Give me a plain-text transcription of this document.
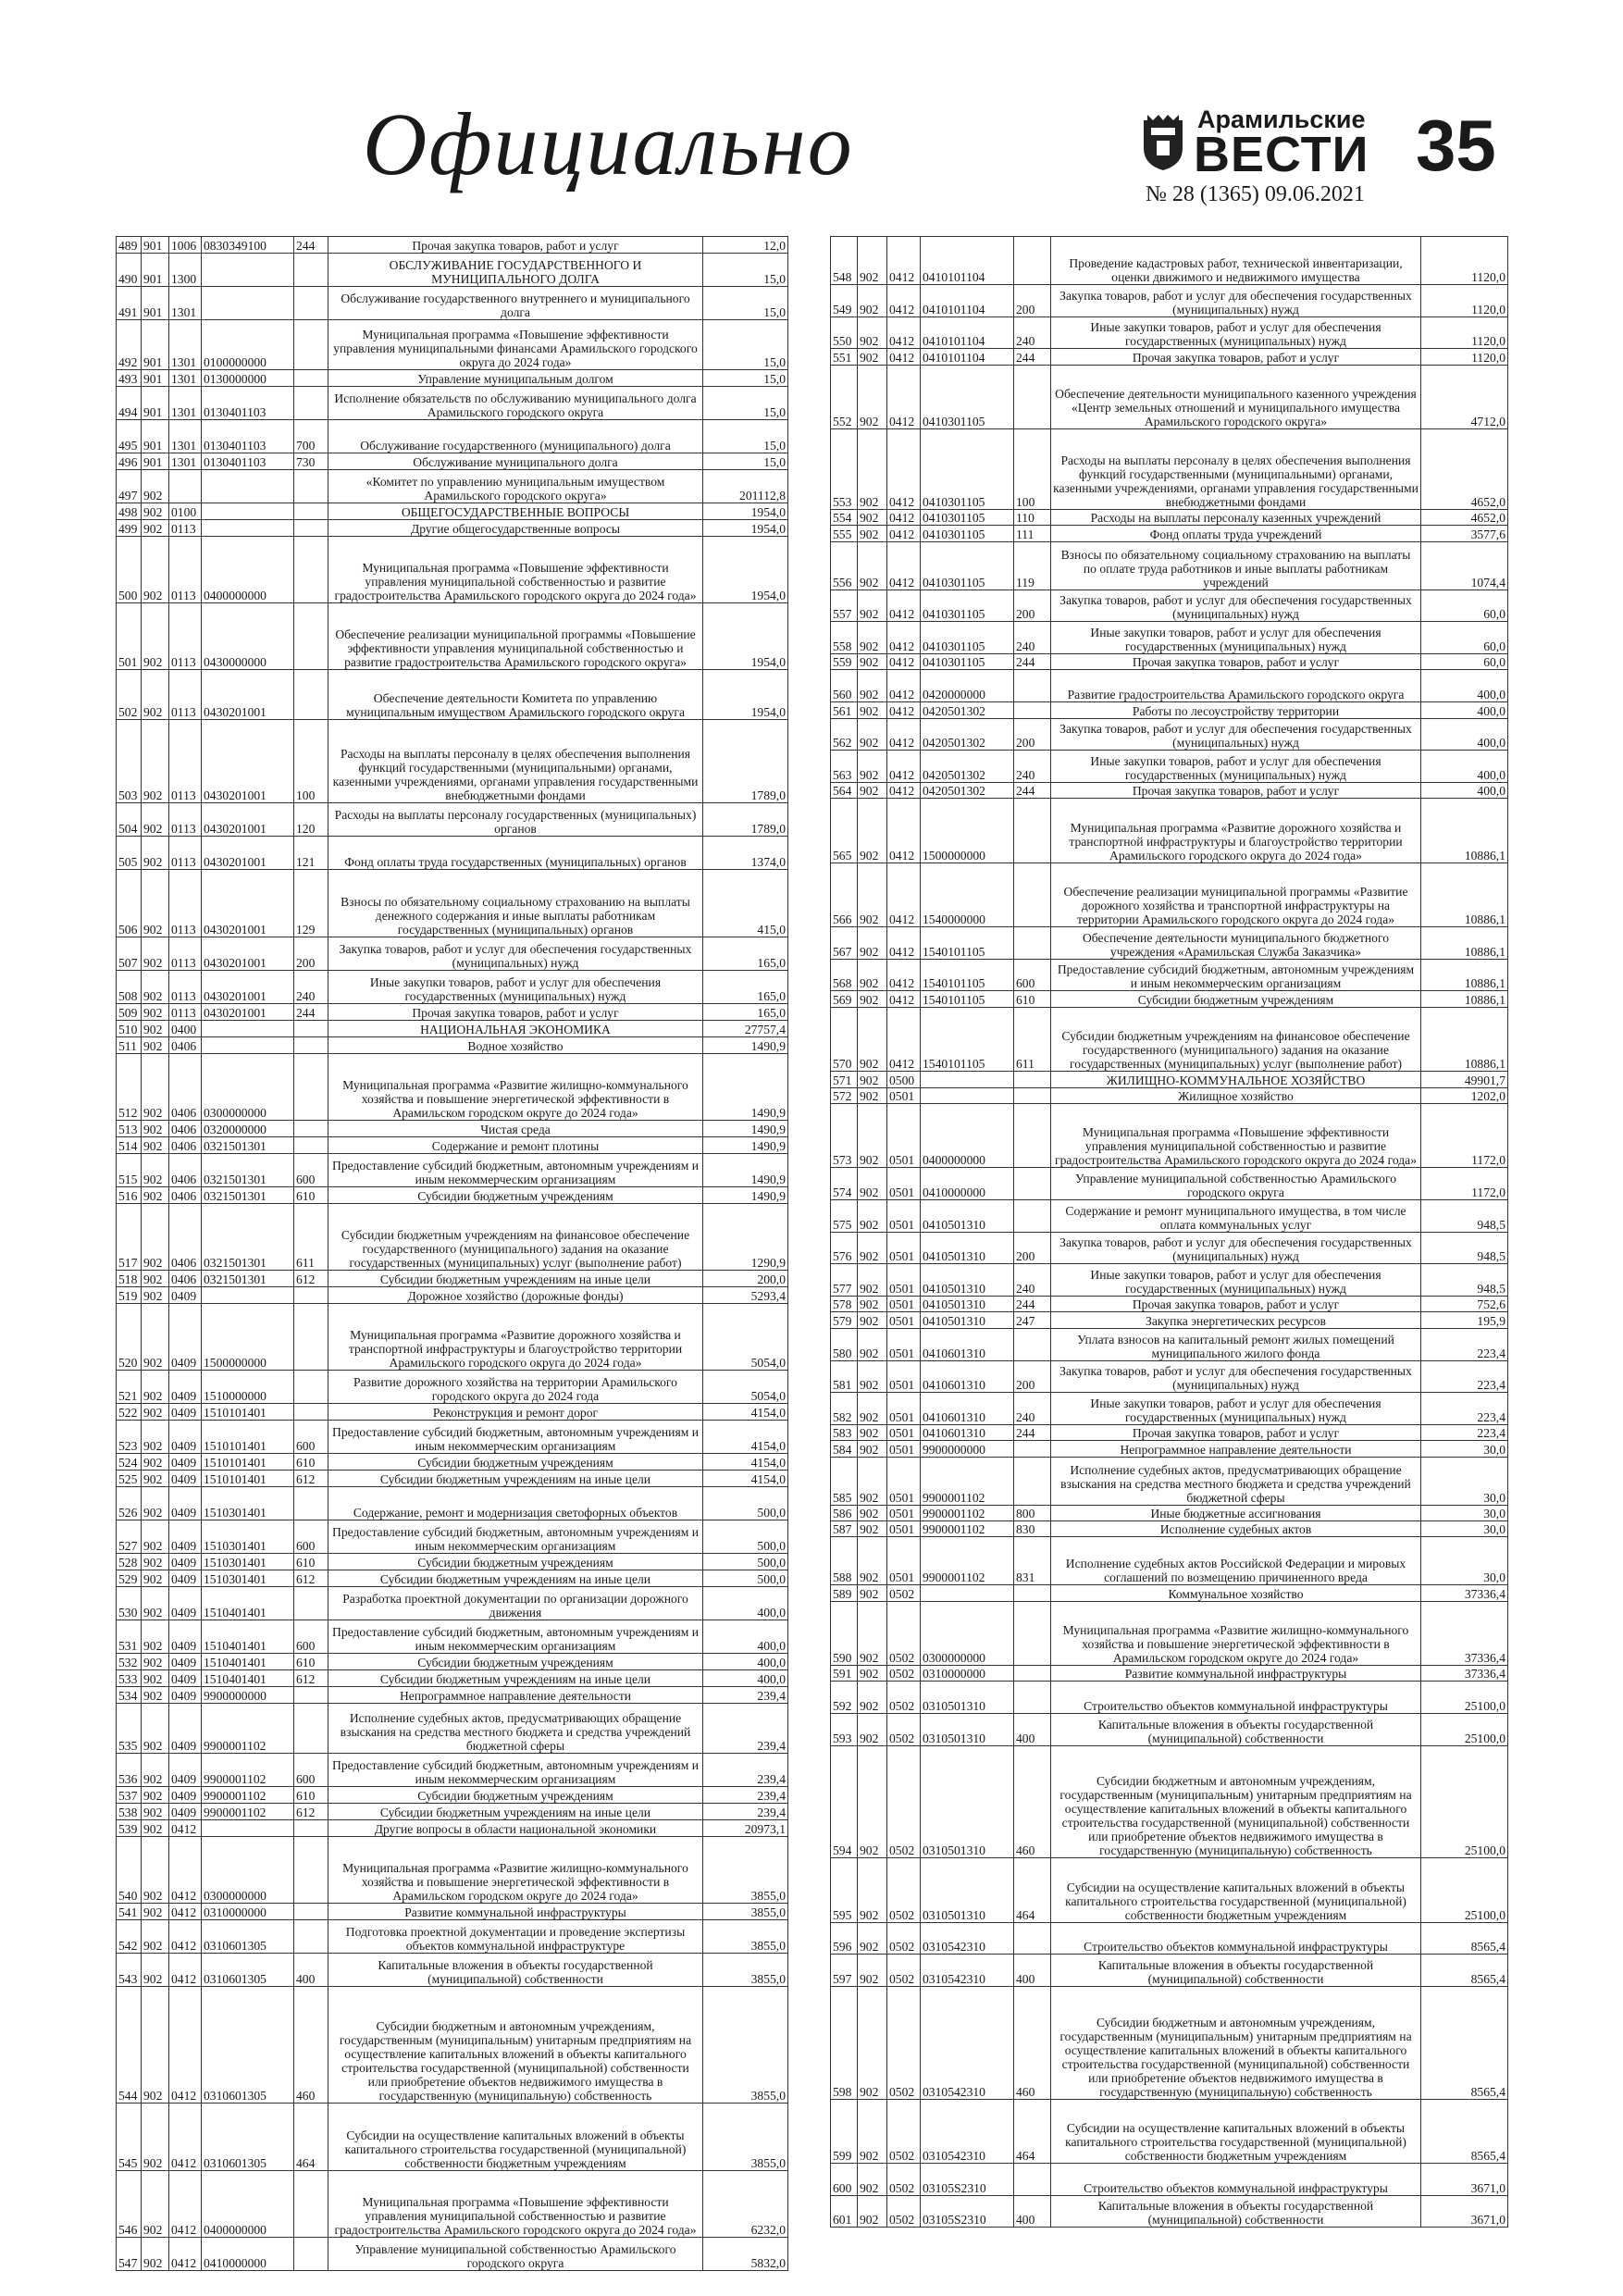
Официально	Арамильские
ВЕСТИ 35
№ 28 (1365) 09.06.2021
489	901	1006	0830349100	244	Прочая закупка товаров, работ и услуг	12,0
490	901	1300			ОБСЛУЖИВАНИЕ ГОСУДАРСТВЕННОГО И МУНИЦИПАЛЬНОГО ДОЛГА	15,0
491	901	1301			Обслуживание государственного внутреннего и муниципального долга	15,0
492	901	1301	0100000000		Муниципальная программа «Повышение эффективности управления муниципальными финансами Арамильского городского округа до 2024 года»	15,0
493	901	1301	0130000000		Управление муниципальным долгом	15,0
494	901	1301	0130401103		Исполнение обязательств по обслуживанию муниципального долга Арамильского городского округа	15,0
495	901	1301	0130401103	700	Обслуживание государственного (муниципального) долга	15,0
496	901	1301	0130401103	730	Обслуживание муниципального долга	15,0
497	902				«Комитет по управлению муниципальным имуществом Арамильского городского округа»	201112,8
498	902	0100			ОБЩЕГОСУДАРСТВЕННЫЕ ВОПРОСЫ	1954,0
499	902	0113			Другие общегосударственные вопросы	1954,0
500	902	0113	0400000000		Муниципальная программа «Повышение эффективности управления муниципальной собственностью и развитие градостроительства Арамильского городского округа до 2024 года»	1954,0
501	902	0113	0430000000		Обеспечение реализации муниципальной программы «Повышение эффективности управления муниципальной собственностью и развитие градостроительства Арамильского городского округа»	1954,0
502	902	0113	0430201001		Обеспечение деятельности Комитета по управлению муниципальным имуществом Арамильского городского округа	1954,0
503	902	0113	0430201001	100	Расходы на выплаты персоналу в целях обеспечения выполнения функций государственными (муниципальными) органами, казенными учреждениями, органами управления государственными внебюджетными фондами	1789,0
504	902	0113	0430201001	120	Расходы на выплаты персоналу государственных (муниципальных) органов	1789,0
505	902	0113	0430201001	121	Фонд оплаты труда государственных (муниципальных) органов	1374,0
506	902	0113	0430201001	129	Взносы по обязательному социальному страхованию на выплаты денежного содержания и иные выплаты работникам государственных (муниципальных) органов	415,0
507	902	0113	0430201001	200	Закупка товаров, работ и услуг для обеспечения государственных (муниципальных) нужд	165,0
508	902	0113	0430201001	240	Иные закупки товаров, работ и услуг для обеспечения государственных (муниципальных) нужд	165,0
509	902	0113	0430201001	244	Прочая закупка товаров, работ и услуг	165,0
510	902	0400			НАЦИОНАЛЬНАЯ ЭКОНОМИКА	27757,4
511	902	0406			Водное хозяйство	1490,9
512	902	0406	0300000000		Муниципальная программа «Развитие жилищно-коммунального хозяйства и повышение энергетической эффективности в Арамильском городском округе до 2024 года»	1490,9
513	902	0406	0320000000		Чистая среда	1490,9
514	902	0406	0321501301		Содержание и ремонт плотины	1490,9
515	902	0406	0321501301	600	Предоставление субсидий бюджетным, автономным учреждениям и иным некоммерческим организациям	1490,9
516	902	0406	0321501301	610	Субсидии бюджетным учреждениям	1490,9
517	902	0406	0321501301	611	Субсидии бюджетным учреждениям на финансовое обеспечение государственного (муниципального) задания на оказание государственных (муниципальных) услуг (выполнение работ)	1290,9
518	902	0406	0321501301	612	Субсидии бюджетным учреждениям на иные цели	200,0
519	902	0409			Дорожное хозяйство (дорожные фонды)	5293,4
520	902	0409	1500000000		Муниципальная программа «Развитие дорожного хозяйства и транспортной инфраструктуры и благоустройство территории Арамильского городского округа до 2024 года»	5054,0
521	902	0409	1510000000		Развитие дорожного хозяйства на территории Арамильского городского округа до 2024 года	5054,0
522	902	0409	1510101401		Реконструкция и ремонт дорог	4154,0
523	902	0409	1510101401	600	Предоставление субсидий бюджетным, автономным учреждениям и иным некоммерческим организациям	4154,0
524	902	0409	1510101401	610	Субсидии бюджетным учреждениям	4154,0
525	902	0409	1510101401	612	Субсидии бюджетным учреждениям на иные цели	4154,0
526	902	0409	1510301401		Содержание, ремонт и модернизация светофорных объектов	500,0
527	902	0409	1510301401	600	Предоставление субсидий бюджетным, автономным учреждениям и иным некоммерческим организациям	500,0
528	902	0409	1510301401	610	Субсидии бюджетным учреждениям	500,0
529	902	0409	1510301401	612	Субсидии бюджетным учреждениям на иные цели	500,0
530	902	0409	1510401401		Разработка проектной документации по организации дорожного движения	400,0
531	902	0409	1510401401	600	Предоставление субсидий бюджетным, автономным учреждениям и иным некоммерческим организациям	400,0
532	902	0409	1510401401	610	Субсидии бюджетным учреждениям	400,0
533	902	0409	1510401401	612	Субсидии бюджетным учреждениям на иные цели	400,0
534	902	0409	9900000000		Непрограммное направление деятельности	239,4
535	902	0409	9900001102		Исполнение судебных актов, предусматривающих обращение взыскания на средства местного бюджета и средства учреждений бюджетной сферы	239,4
536	902	0409	9900001102	600	Предоставление субсидий бюджетным, автономным учреждениям и иным некоммерческим организациям	239,4
537	902	0409	9900001102	610	Субсидии бюджетным учреждениям	239,4
538	902	0409	9900001102	612	Субсидии бюджетным учреждениям на иные цели	239,4
539	902	0412			Другие вопросы в области национальной экономики	20973,1
540	902	0412	0300000000		Муниципальная программа «Развитие жилищно-коммунального хозяйства и повышение энергетической эффективности в Арамильском городском округе до 2024 года»	3855,0
541	902	0412	0310000000		Развитие коммунальной инфраструктуры	3855,0
542	902	0412	0310601305		Подготовка проектной документации и проведение экспертизы объектов коммунальной инфраструктуре	3855,0
543	902	0412	0310601305	400	Капитальные вложения в объекты государственной (муниципальной) собственности	3855,0
544	902	0412	0310601305	460	Субсидии бюджетным и автономным учреждениям, государственным (муниципальным) унитарным предприятиям на осуществление капитальных вложений в объекты капитального строительства государственной (муниципальной) собственности или приобретение объектов недвижимого имущества в государственную (муниципальную) собственность	3855,0
545	902	0412	0310601305	464	Субсидии на осуществление капитальных вложений в объекты капитального строительства государственной (муниципальной) собственности бюджетным учреждениям	3855,0
546	902	0412	0400000000		Муниципальная программа «Повышение эффективности управления муниципальной собственностью и развитие градостроительства Арамильского городского округа до 2024 года»	6232,0
547	902	0412	0410000000		Управление муниципальной собственностью Арамильского городского округа	5832,0
548	902	0412	0410101104		Проведение кадастровых работ, технической инвентаризации, оценки движимого и недвижимого имущества	1120,0
549	902	0412	0410101104	200	Закупка товаров, работ и услуг для обеспечения государственных (муниципальных) нужд	1120,0
550	902	0412	0410101104	240	Иные закупки товаров, работ и услуг для обеспечения государственных (муниципальных) нужд	1120,0
551	902	0412	0410101104	244	Прочая закупка товаров, работ и услуг	1120,0
552	902	0412	0410301105		Обеспечение деятельности муниципального казенного учреждения «Центр земельных отношений и муниципального имущества Арамильского городского округа»	4712,0
553	902	0412	0410301105	100	Расходы на выплаты персоналу в целях обеспечения выполнения функций государственными (муниципальными) органами, казенными учреждениями, органами управления государственными внебюджетными фондами	4652,0
554	902	0412	0410301105	110	Расходы на выплаты персоналу казенных учреждений	4652,0
555	902	0412	0410301105	111	Фонд оплаты труда учреждений	3577,6
556	902	0412	0410301105	119	Взносы по обязательному социальному страхованию на выплаты по оплате труда работников и иные выплаты работникам учреждений	1074,4
557	902	0412	0410301105	200	Закупка товаров, работ и услуг для обеспечения государственных (муниципальных) нужд	60,0
558	902	0412	0410301105	240	Иные закупки товаров, работ и услуг для обеспечения государственных (муниципальных) нужд	60,0
559	902	0412	0410301105	244	Прочая закупка товаров, работ и услуг	60,0
560	902	0412	0420000000		Развитие градостроительства Арамильского городского округа	400,0
561	902	0412	0420501302		Работы по лесоустройству территории	400,0
562	902	0412	0420501302	200	Закупка товаров, работ и услуг для обеспечения государственных (муниципальных) нужд	400,0
563	902	0412	0420501302	240	Иные закупки товаров, работ и услуг для обеспечения государственных (муниципальных) нужд	400,0
564	902	0412	0420501302	244	Прочая закупка товаров, работ и услуг	400,0
565	902	0412	1500000000		Муниципальная программа «Развитие дорожного хозяйства и транспортной инфраструктуры и благоустройство территории Арамильского городского округа до 2024 года»	10886,1
566	902	0412	1540000000		Обеспечение реализации муниципальной программы «Развитие дорожного хозяйства и транспортной инфраструктуры на территории Арамильского городского округа до 2024 года»	10886,1
567	902	0412	1540101105		Обеспечение деятельности муниципального бюджетного учреждения «Арамильская Служба Заказчика»	10886,1
568	902	0412	1540101105	600	Предоставление субсидий бюджетным, автономным учреждениям и иным некоммерческим организациям	10886,1
569	902	0412	1540101105	610	Субсидии бюджетным учреждениям	10886,1
570	902	0412	1540101105	611	Субсидии бюджетным учреждениям на финансовое обеспечение государственного (муниципального) задания на оказание государственных (муниципальных) услуг (выполнение работ)	10886,1
571	902	0500			ЖИЛИЩНО-КОММУНАЛЬНОЕ ХОЗЯЙСТВО	49901,7
572	902	0501			Жилищное хозяйство	1202,0
573	902	0501	0400000000		Муниципальная программа «Повышение эффективности управления муниципальной собственностью и развитие градостроительства Арамильского городского округа до 2024 года»	1172,0
574	902	0501	0410000000		Управление муниципальной собственностью Арамильского городского округа	1172,0
575	902	0501	0410501310		Содержание и ремонт муниципального имущества, в том числе оплата коммунальных услуг	948,5
576	902	0501	0410501310	200	Закупка товаров, работ и услуг для обеспечения государственных (муниципальных) нужд	948,5
577	902	0501	0410501310	240	Иные закупки товаров, работ и услуг для обеспечения государственных (муниципальных) нужд	948,5
578	902	0501	0410501310	244	Прочая закупка товаров, работ и услуг	752,6
579	902	0501	0410501310	247	Закупка энергетических ресурсов	195,9
580	902	0501	0410601310		Уплата взносов на капитальный ремонт жилых помещений муниципального жилого фонда	223,4
581	902	0501	0410601310	200	Закупка товаров, работ и услуг для обеспечения государственных (муниципальных) нужд	223,4
582	902	0501	0410601310	240	Иные закупки товаров, работ и услуг для обеспечения государственных (муниципальных) нужд	223,4
583	902	0501	0410601310	244	Прочая закупка товаров, работ и услуг	223,4
584	902	0501	9900000000		Непрограммное направление деятельности	30,0
585	902	0501	9900001102		Исполнение судебных актов, предусматривающих обращение взыскания на средства местного бюджета и средства учреждений бюджетной сферы	30,0
586	902	0501	9900001102	800	Иные бюджетные ассигнования	30,0
587	902	0501	9900001102	830	Исполнение судебных актов	30,0
588	902	0501	9900001102	831	Исполнение судебных актов Российской Федерации и мировых соглашений по возмещению причиненного вреда	30,0
589	902	0502			Коммунальное хозяйство	37336,4
590	902	0502	0300000000		Муниципальная программа «Развитие жилищно-коммунального хозяйства и повышение энергетической эффективности в Арамильском городском округе до 2024 года»	37336,4
591	902	0502	0310000000		Развитие коммунальной инфраструктуры	37336,4
592	902	0502	0310501310		Строительство объектов коммунальной инфраструктуры	25100,0
593	902	0502	0310501310	400	Капитальные вложения в объекты государственной (муниципальной) собственности	25100,0
594	902	0502	0310501310	460	Субсидии бюджетным и автономным учреждениям, государственным (муниципальным) унитарным предприятиям на осуществление капитальных вложений в объекты капитального строительства государственной (муниципальной) собственности или приобретение объектов недвижимого имущества в государственную (муниципальную) собственность	25100,0
595	902	0502	0310501310	464	Субсидии на осуществление капитальных вложений в объекты капитального строительства государственной (муниципальной) собственности бюджетным учреждениям	25100,0
596	902	0502	0310542310		Строительство объектов коммунальной инфраструктуры	8565,4
597	902	0502	0310542310	400	Капитальные вложения в объекты государственной (муниципальной) собственности	8565,4
598	902	0502	0310542310	460	Субсидии бюджетным и автономным учреждениям, государственным (муниципальным) унитарным предприятиям на осуществление капитальных вложений в объекты капитального строительства государственной (муниципальной) собственности или приобретение объектов недвижимого имущества в государственную (муниципальную) собственность	8565,4
599	902	0502	0310542310	464	Субсидии на осуществление капитальных вложений в объекты капитального строительства государственной (муниципальной) собственности бюджетным учреждениям	8565,4
600	902	0502	03105S2310		Строительство объектов коммунальной инфраструктуры	3671,0
601	902	0502	03105S2310	400	Капитальные вложения в объекты государственной (муниципальной) собственности	3671,0
